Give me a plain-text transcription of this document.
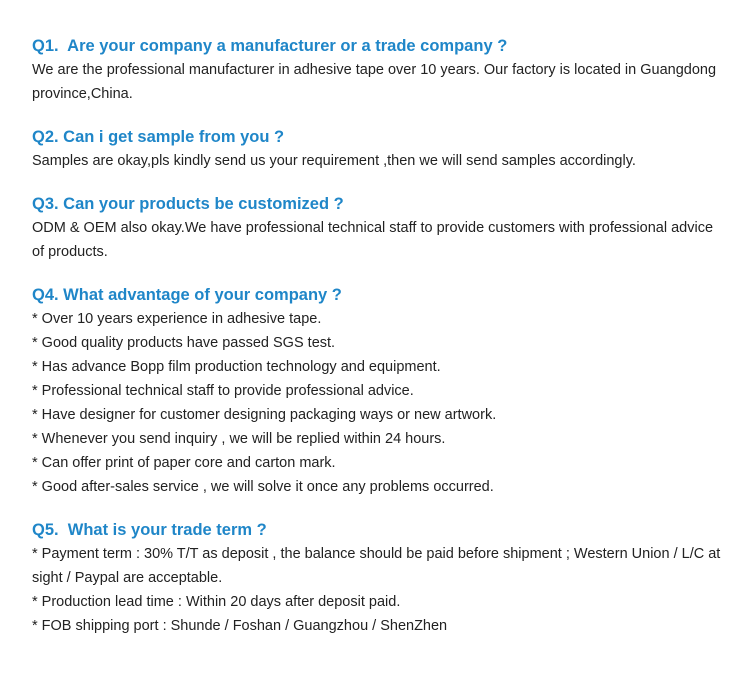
Q1.  Are your company a manufacturer or a trade company ?

We are the professional manufacturer in adhesive tape over 10 years. Our factory is located in Guangdong province,China.

Q2. Can i get sample from you ?

Samples are okay,pls kindly send us your requirement ,then we will send samples accordingly.

Q3. Can your products be customized ?

ODM & OEM also okay.We have professional technical staff to provide customers with professional advice of products.

Q4. What advantage of your company ?

* Over 10 years experience in adhesive tape.

* Good quality products have passed SGS test.

* Has advance Bopp film production technology and equipment.

* Professional technical staff to provide professional advice.

* Have designer for customer designing packaging ways or new artwork.

* Whenever you send inquiry , we will be replied within 24 hours.

* Can offer print of paper core and carton mark.

* Good after-sales service , we will solve it once any problems occurred.

Q5.  What is your trade term ?

* Payment term : 30% T/T as deposit , the balance should be paid before shipment ; Western Union / L/C at sight / Paypal are acceptable.

* Production lead time : Within 20 days after deposit paid.

* FOB shipping port : Shunde / Foshan / Guangzhou / ShenZhen
